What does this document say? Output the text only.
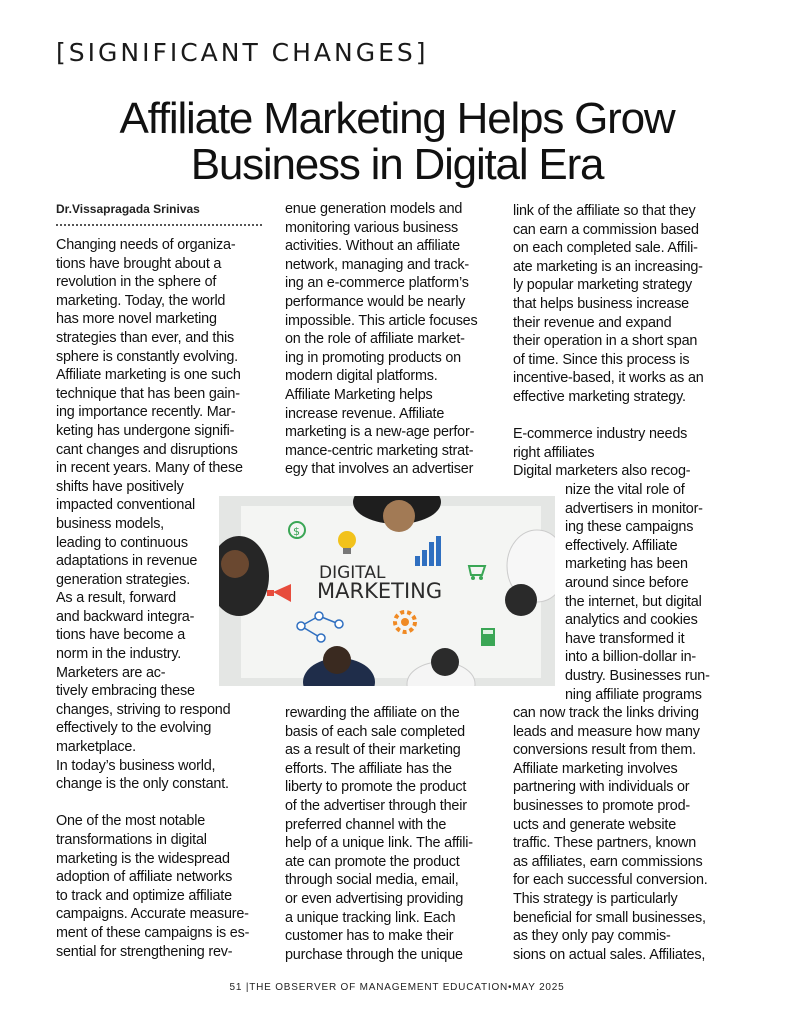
[SIGNIFICANT CHANGES]
Affiliate Marketing Helps Grow
Business in Digital Era
Dr.Vissapragada Srinivas

Changing needs of organiza-

tions have brought about a

revolution in the sphere of

marketing. Today, the world

has more novel marketing

strategies than ever, and this

sphere is constantly evolving.

Affiliate marketing is one such

technique that has been gain-

ing importance recently. Mar-

keting has undergone signifi-

cant changes and disruptions

in recent years. Many of these

shifts have positively

impacted conventional

business models,

leading to continuous

adaptations in revenue

generation strategies.

As a result, forward

and backward integra-

tions have become a

norm in the industry.

Marketers are ac-

tively embracing these

changes, striving to respond

effectively to the evolving

marketplace.

In today’s business world,

change is the only constant.

One of the most notable

transformations in digital

marketing is the widespread

adoption of affiliate networks

to track and optimize affiliate

campaigns. Accurate measure-

ment of these campaigns is es-

sential for strengthening rev-

enue generation models and

monitoring various business

activities. Without an affiliate

network, managing and track-

ing an e-commerce platform’s

performance would be nearly

impossible. This article focuses

on the role of affiliate market-

ing in promoting products on

modern digital platforms.

Affiliate Marketing helps

increase revenue. Affiliate

marketing is a new-age perfor-

mance-centric marketing strat-

egy that involves an advertiser

rewarding the affiliate on the

basis of each sale completed

as a result of their marketing

efforts. The affiliate has the

liberty to promote the product

of the advertiser through their

preferred channel with the

help of a unique link. The affili-

ate can promote the product

through social media, email,

or even advertising providing

a unique tracking link. Each

customer has to make their

purchase through the unique

link of the affiliate so that they

can earn a commission based

on each completed sale. Affili-

ate marketing is an increasing-

ly popular marketing strategy

that helps business increase

their revenue and expand

their operation in a short span

of time. Since this process is

incentive-based, it works as an

effective marketing strategy.

E-commerce industry needs

right affiliates

Digital marketers also recog-

nize the vital role of

advertisers in monitor-

ing these campaigns

effectively. Affiliate

marketing has been

around since before

the internet, but digital

analytics and cookies

have transformed it

into a billion-dollar in-

dustry. Businesses run-

ning affiliate programs

can now track the links driving

leads and measure how many

conversions result from them.

Affiliate marketing involves

partnering with individuals or

businesses to promote prod-

ucts and generate website

traffic. These partners, known

as affiliates, earn commissions

for each successful conversion.

This strategy is particularly

beneficial for small businesses,

as they only pay commis-

sions on actual sales. Affiliates,

DIGITAL
MARKETING
$
51 |THE OBSERVER OF MANAGEMENT EDUCATION•MAY 2025
